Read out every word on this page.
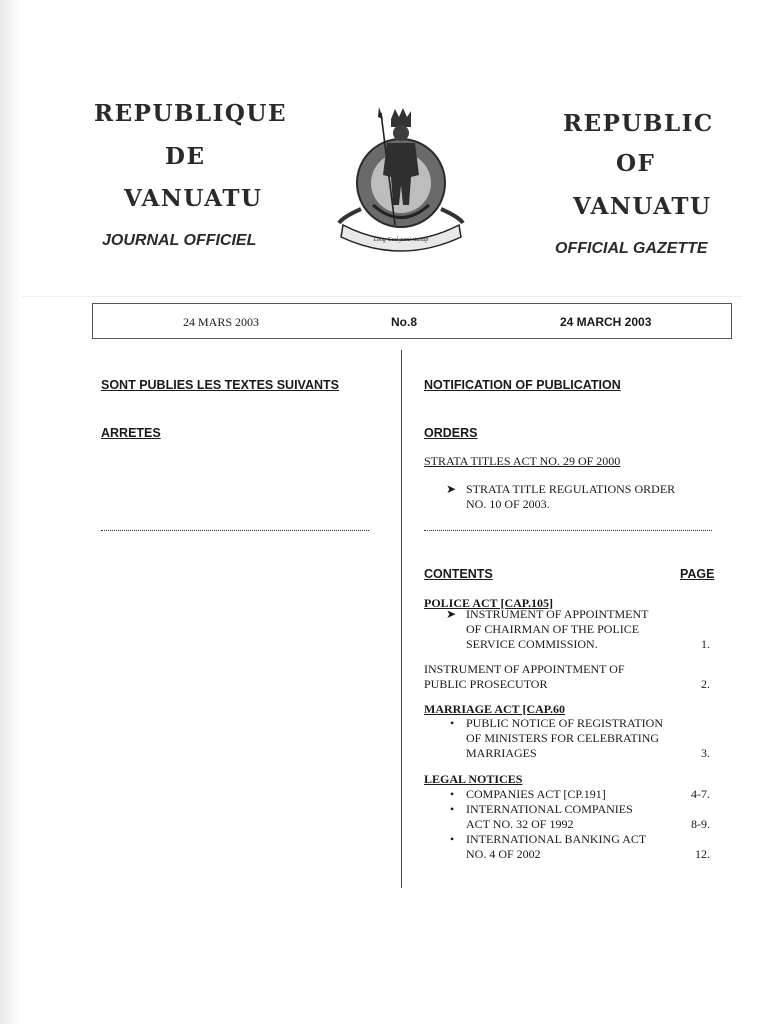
REPUBLIQUE
DE
VANUATU
JOURNAL OFFICIEL	Long God yumi stanap
REPUBLIC
OF
VANUATU
OFFICIAL GAZETTE
24 MARS 2003	No.8	24 MARCH 2003
SONT PUBLIES LES TEXTES SUIVANTS
ARRETES
NOTIFICATION OF PUBLICATION
ORDERS
STRATA TITLES ACT NO. 29 OF 2000
➤ STRATA TITLE REGULATIONS ORDER
NO. 10 OF 2003.
CONTENTS	PAGE
POLICE ACT [CAP.105]
➤ INSTRUMENT OF APPOINTMENT
OF CHAIRMAN OF THE POLICE
SERVICE COMMISSION.	1.
INSTRUMENT OF APPOINTMENT OF
PUBLIC PROSECUTOR	2.
MARRIAGE ACT [CAP.60
• PUBLIC NOTICE OF REGISTRATION
OF MINISTERS FOR CELEBRATING
MARRIAGES	3.
LEGAL NOTICES
• COMPANIES ACT [CP.191]	4-7.
• INTERNATIONAL COMPANIES
ACT NO. 32 OF 1992	8-9.
• INTERNATIONAL BANKING ACT
NO. 4 OF 2002	12.
